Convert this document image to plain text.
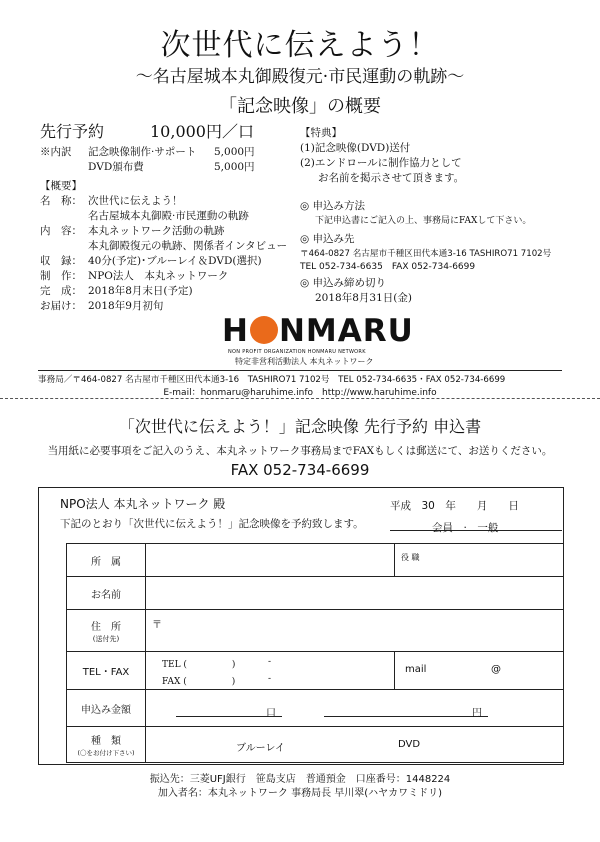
次世代に伝えよう！
〜名古屋城本丸御殿復元·市民運動の軌跡〜
「記念映像」の概要
先行予約	10,000円／口
※内訳 記念映像制作·サポート 5,000円
DVD頒布費	5,000円
【概要】
名　称： 次世代に伝えよう！
名古屋城本丸御殿·市民運動の軌跡
内　容： 本丸ネットワーク活動の軌跡
本丸御殿復元の軌跡、関係者インタビュー
収　録： 40分(予定)･ブルーレイ＆DVD(選択)
制　作： NPO法人　本丸ネットワーク
完　成： 2018年8月末日(予定)
お届け： 2018年9月初旬
【特典】
(1)記念映像(DVD)送付
(2)エンドロールに制作協力として
お名前を掲示させて頂きます。
◎ 申込み方法
下記申込書にご記入の上、事務局にFAXして下さい。
◎ 申込み先
〒464-0827 名古屋市千種区田代本通3-16 TASHIRO71 7102号
TEL 052-734-6635　FAX 052-734-6699
◎ 申込み締め切り
2018年8月31日(金)
H NMARU
NON PROFIT ORGANIZATION HONMARU NETWORK
特定非営利活動法人 本丸ネットワーク
事務局／〒464-0827 名古屋市千種区田代本通3-16　TASHIRO71 7102号　TEL 052-734-6635・FAX 052-734-6699
E-mail：honmaru@haruhime.info　http://www.haruhime.info
「次世代に伝えよう！」記念映像 先行予約 申込書
当用紙に必要事項をご記入のうえ、本丸ネットワーク事務局までFAXもしくは郵送にて、お送りください。
FAX 052-734-6699
NPO法人 本丸ネットワーク 殿
下記のとおり「次世代に伝えよう！」記念映像を予約致します。
平成　30　年　　月　　日
会員　·　一般
所　属		役 職
お名前		
住　所
(送付先)	〒	
TEL・FAX	TEL (　　　　　) -
FAX (　　　　　) -	mail @

申込み金額	口 円	

種　類
(〇をお付け下さい)	ブルーレイ DVD	
振込先：三菱UFJ銀行　笹島支店　普通預金　口座番号：1448224
加入者名：本丸ネットワーク 事務局長 早川翠(ハヤカワミドリ)
